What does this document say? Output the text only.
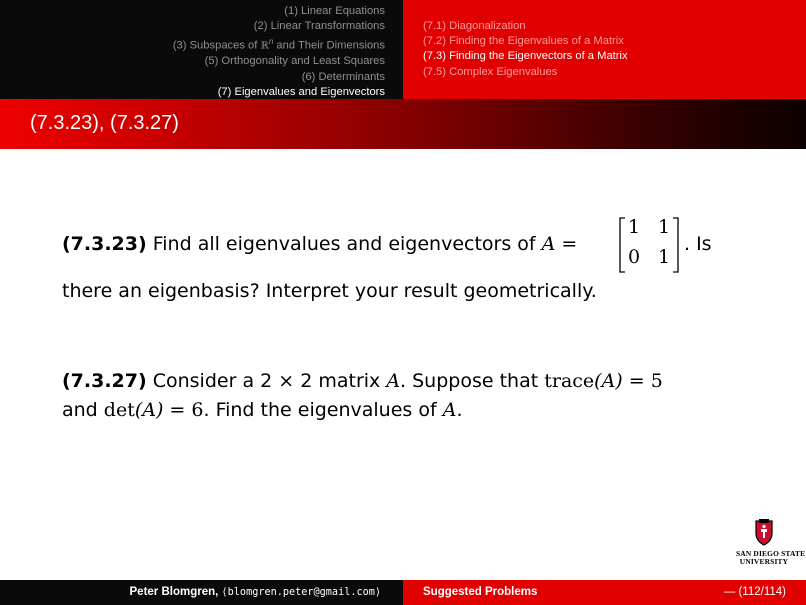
(1) Linear Equations
(2) Linear Transformations
(3) Subspaces of ℝ$^n$ and Their Dimensions
(5) Orthogonality and Least Squares
(6) Determinants
(7) Eigenvalues and Eigenvectors
(7.1) Diagonalization
(7.2) Finding the Eigenvalues of a Matrix
(7.3) Finding the Eigenvectors of a Matrix
(7.5) Complex Eigenvalues
(7.3.23), (7.3.27)
(7.3.23) Find all eigenvalues and eigenvectors of A =
1 1
0 1
. Is
there an eigenbasis? Interpret your result geometrically.
(7.3.27) Consider a 2 × 2 matrix A. Suppose that trace(A) = 5
and det(A) = 6. Find the eigenvalues of A.
SAN DIEGO STATE
UNIVERSITY
Peter Blomgren, ⟨blomgren.peter@gmail.com⟩	Suggested Problems	— (112/114)
